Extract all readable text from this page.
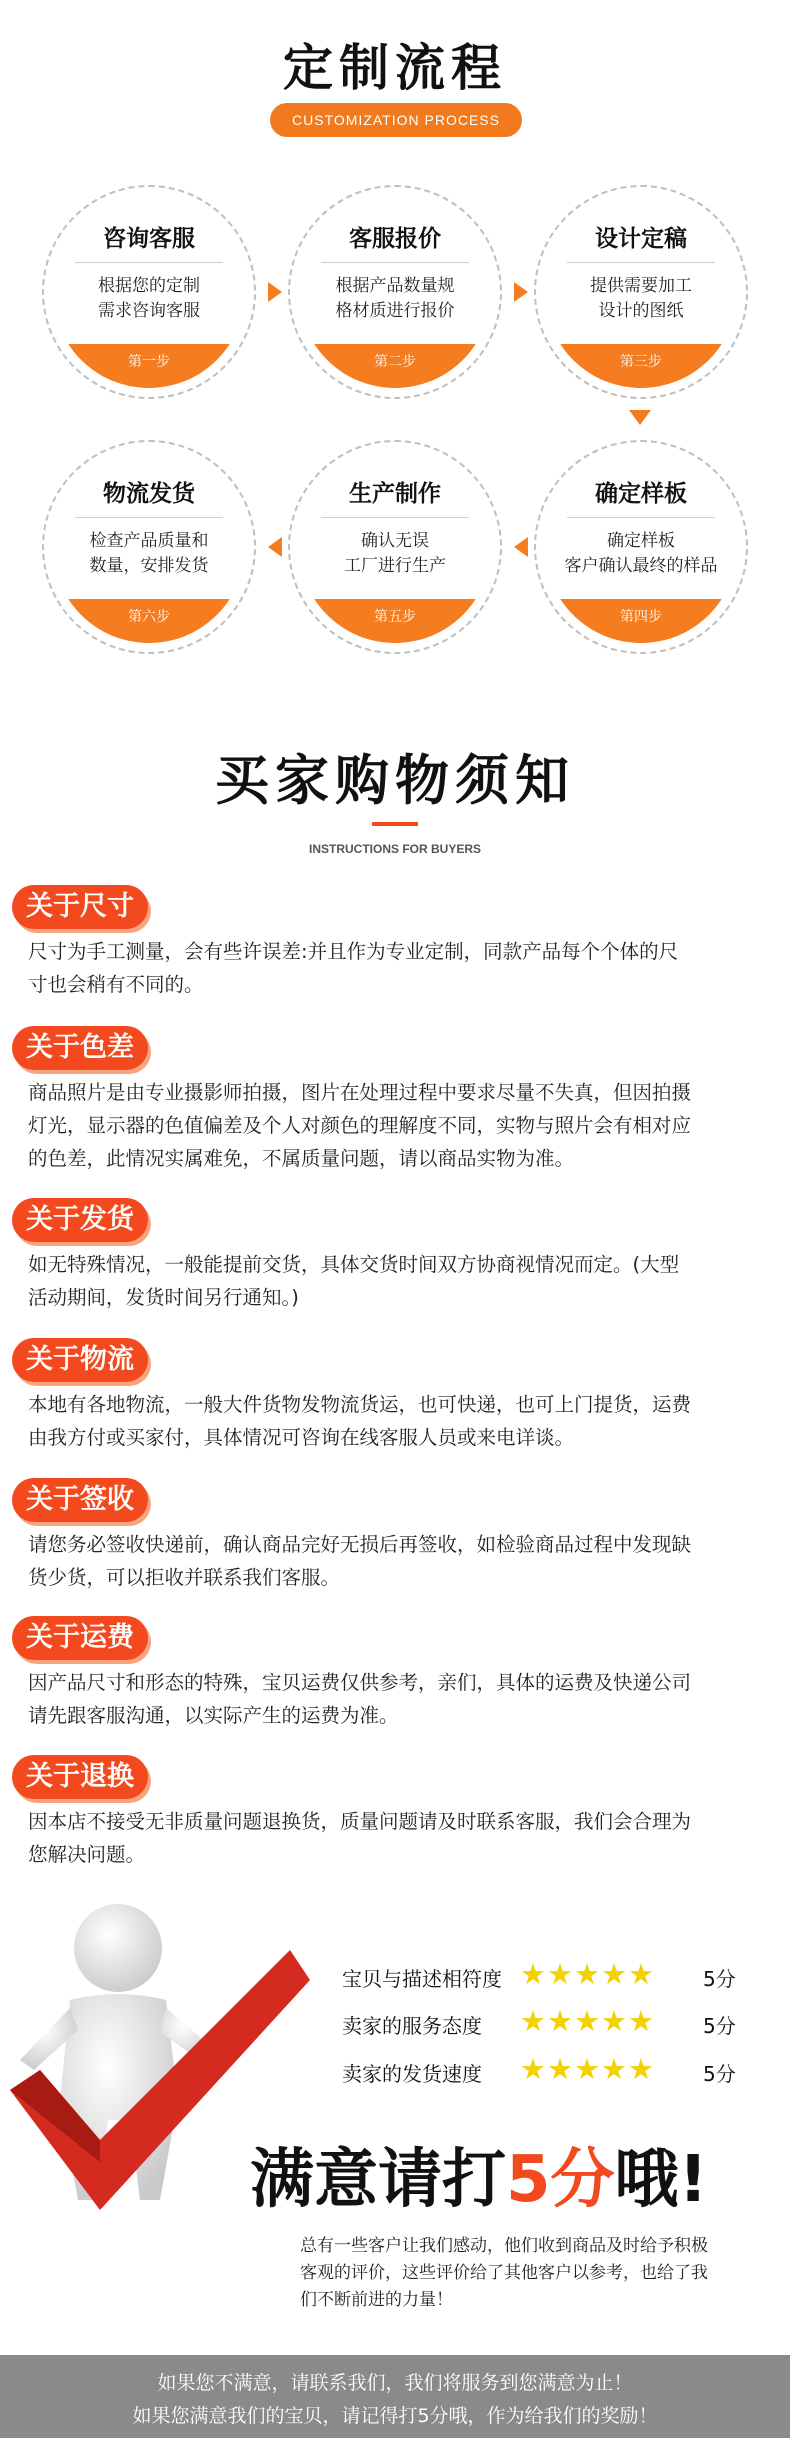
定制流程
CUSTOMIZATION PROCESS
咨询客服
根据您的定制
需求咨询客服
第一步
客服报价
根据产品数量规
格材质进行报价
第二步
设计定稿
提供需要加工
设计的图纸
第三步
物流发货
检查产品质量和
数量，安排发货
第六步
生产制作
确认无误
工厂进行生产
第五步
确定样板
确定样板
客户确认最终的样品
第四步
买家购物须知
INSTRUCTIONS FOR BUYERS
关于尺寸
尺寸为手工测量，会有些许误差:并且作为专业定制，同款产品每个个体的尺
寸也会稍有不同的。
关于色差
商品照片是由专业摄影师拍摄，图片在处理过程中要求尽量不失真，但因拍摄
灯光，显示器的色值偏差及个人对颜色的理解度不同，实物与照片会有相对应
的色差，此情况实属难免，不属质量问题，请以商品实物为准。
关于发货
如无特殊情况，一般能提前交货，具体交货时间双方协商视情况而定。(大型
活动期间，发货时间另行通知。)
关于物流
本地有各地物流，一般大件货物发物流货运，也可快递，也可上门提货，运费
由我方付或买家付，具体情况可咨询在线客服人员或来电详谈。
关于签收
请您务必签收快递前，确认商品完好无损后再签收，如检验商品过程中发现缺
货少货，可以拒收并联系我们客服。
关于运费
因产品尺寸和形态的特殊，宝贝运费仅供参考，亲们，具体的运费及快递公司
请先跟客服沟通，以实际产生的运费为准。
关于退换
因本店不接受无非质量问题退换货，质量问题请及时联系客服，我们会合理为
您解决问题。
宝贝与描述相符度 ★★★★★ 5分
卖家的服务态度 ★★★★★ 5分
卖家的发货速度 ★★★★★ 5分
满意请打5分哦!
总有一些客户让我们感动，他们收到商品及时给予积极
客观的评价，这些评价给了其他客户以参考，也给了我
们不断前进的力量！
如果您不满意，请联系我们，我们将服务到您满意为止！
如果您满意我们的宝贝，请记得打5分哦，作为给我们的奖励！
